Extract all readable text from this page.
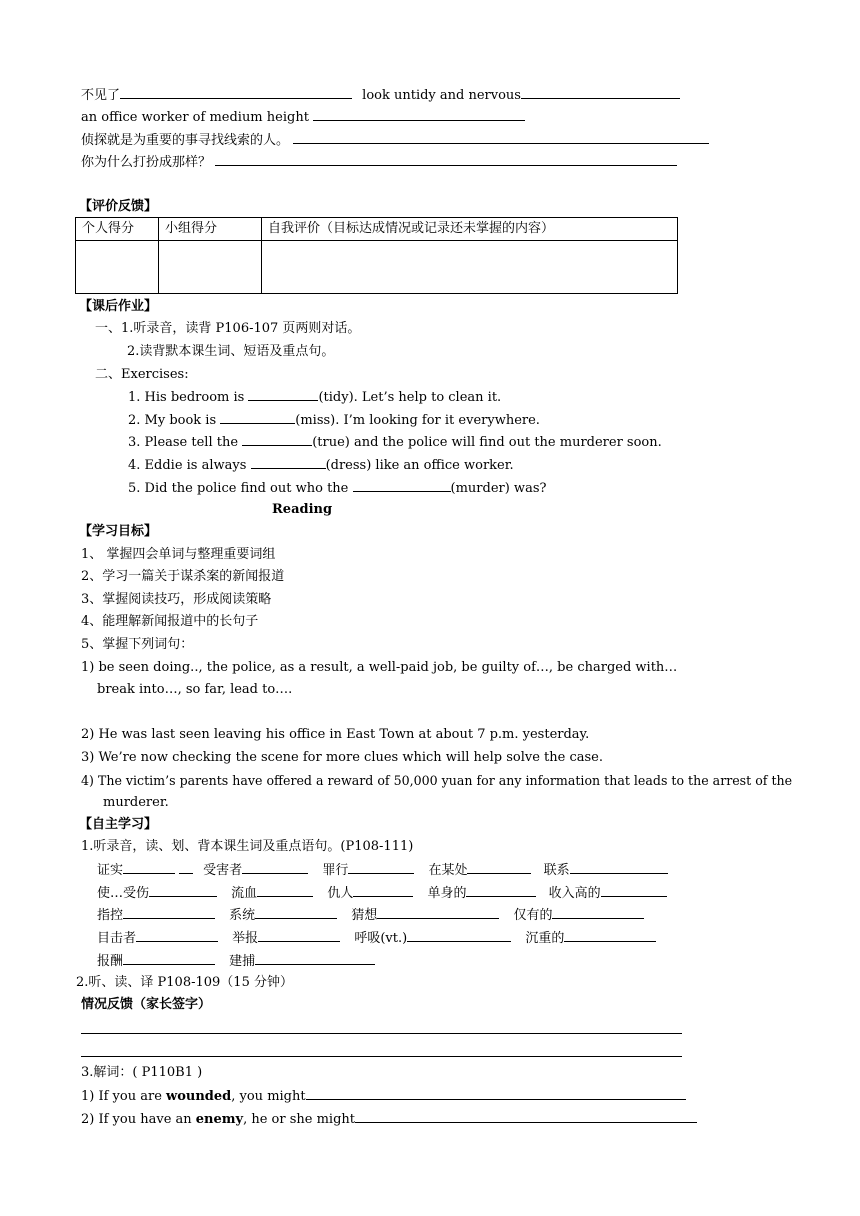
不见了	look untidy and nervous
an office worker of medium height
侦探就是为重要的事寻找线索的人。
你为什么打扮成那样？
【评价反馈】
个人得分	小组得分	自我评价（目标达成情况或记录还未掌握的内容）

【课后作业】
一、1.听录音，读背 P106-107 页两则对话。
2.读背默本课生词、短语及重点句。
二、Exercises:
1. His bedroom is	(tidy). Let’s help to clean it.
2. My book is	(miss). I’m looking for it everywhere.
3. Please tell the	(true) and the police will find out the murderer soon.
4. Eddie is always	(dress) like an office worker.
5. Did the police find out who the	(murder) was?
Reading
【学习目标】
1、 掌握四会单词与整理重要词组
2、学习一篇关于谋杀案的新闻报道
3、掌握阅读技巧，形成阅读策略
4、能理解新闻报道中的长句子
5、掌握下列词句：
1) be seen doing.., the police, as a result, a well-paid job, be guilty of…, be charged with…
break into…, so far, lead to….
2) He was last seen leaving his office in East Town at about 7 p.m. yesterday.
3) We’re now checking the scene for more clues which will help solve the case.
4) The victim’s parents have offered a reward of 50,000 yuan for any information that leads to the arrest of the
murderer.
【自主学习】
1.听录音，读、划、背本课生词及重点语句。(P108-111)
证实	受害者	罪行	在某处	联系
使…受伤	流血	仇人	单身的	收入高的
指控	系统	猜想	仅有的
目击者	举报	呼吸(vt.)	沉重的
报酬	建捕
2.听、读、译 P108-109（15 分钟）
情况反馈（家长签字）
3.解词：( P110B1 )
1) If you are wounded, you might
2) If you have an enemy, he or she might
